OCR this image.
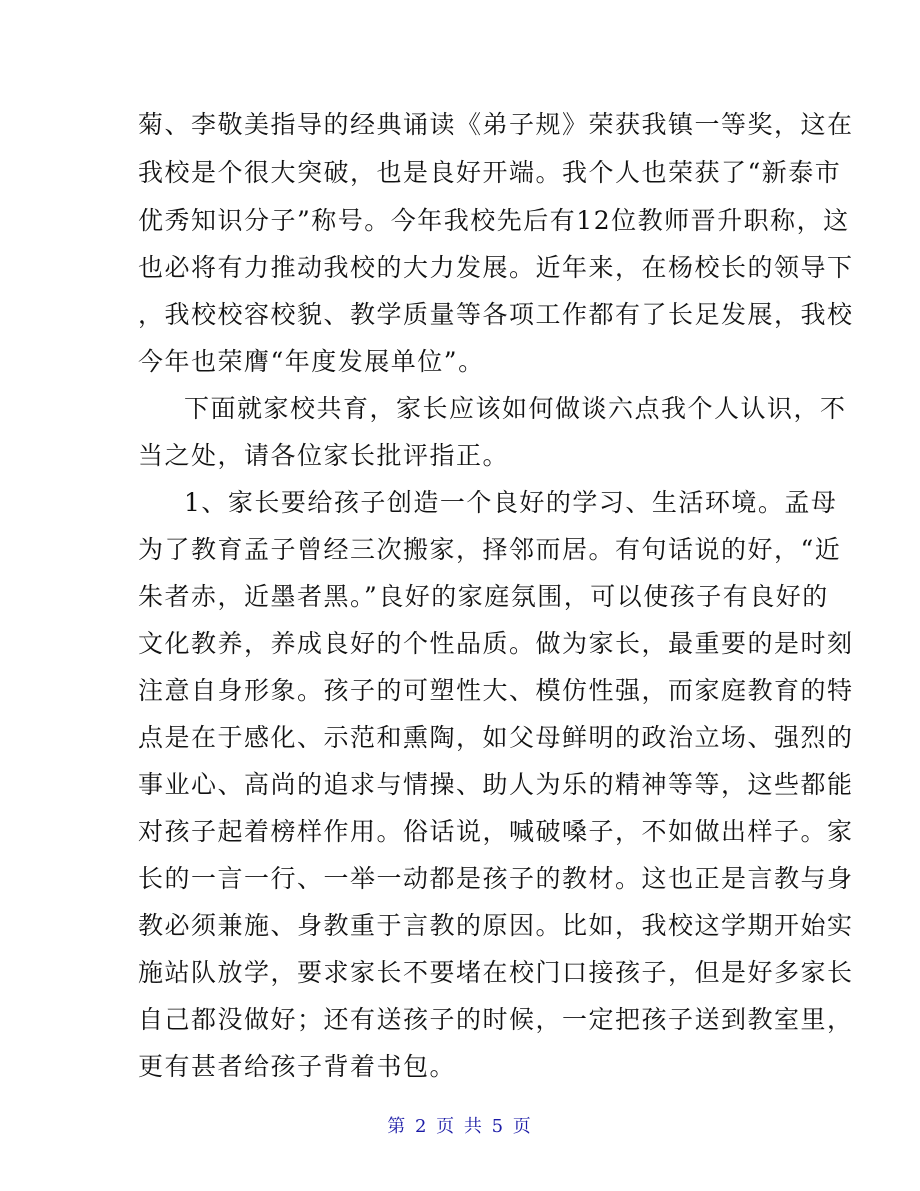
菊、李敬美指导的经典诵读《弟子规》荣获我镇一等奖，这在
我校是个很大突破，也是良好开端。我个人也荣获了“新泰市
优秀知识分子”称号。今年我校先后有12位教师晋升职称，这
也必将有力推动我校的大力发展。近年来，在杨校长的领导下
，我校校容校貌、教学质量等各项工作都有了长足发展，我校
今年也荣膺“年度发展单位”。
下面就家校共育，家长应该如何做谈六点我个人认识，不
当之处，请各位家长批评指正。
1、家长要给孩子创造一个良好的学习、生活环境。孟母
为了教育孟子曾经三次搬家，择邻而居。有句话说的好，“近
朱者赤，近墨者黑。”良好的家庭氛围，可以使孩子有良好的
文化教养，养成良好的个性品质。做为家长，最重要的是时刻
注意自身形象。孩子的可塑性大、模仿性强，而家庭教育的特
点是在于感化、示范和熏陶，如父母鲜明的政治立场、强烈的
事业心、高尚的追求与情操、助人为乐的精神等等，这些都能
对孩子起着榜样作用。俗话说，喊破嗓子，不如做出样子。家
长的一言一行、一举一动都是孩子的教材。这也正是言教与身
教必须兼施、身教重于言教的原因。比如，我校这学期开始实
施站队放学，要求家长不要堵在校门口接孩子，但是好多家长
自己都没做好；还有送孩子的时候，一定把孩子送到教室里，
更有甚者给孩子背着书包。
第 2 页 共 5 页
